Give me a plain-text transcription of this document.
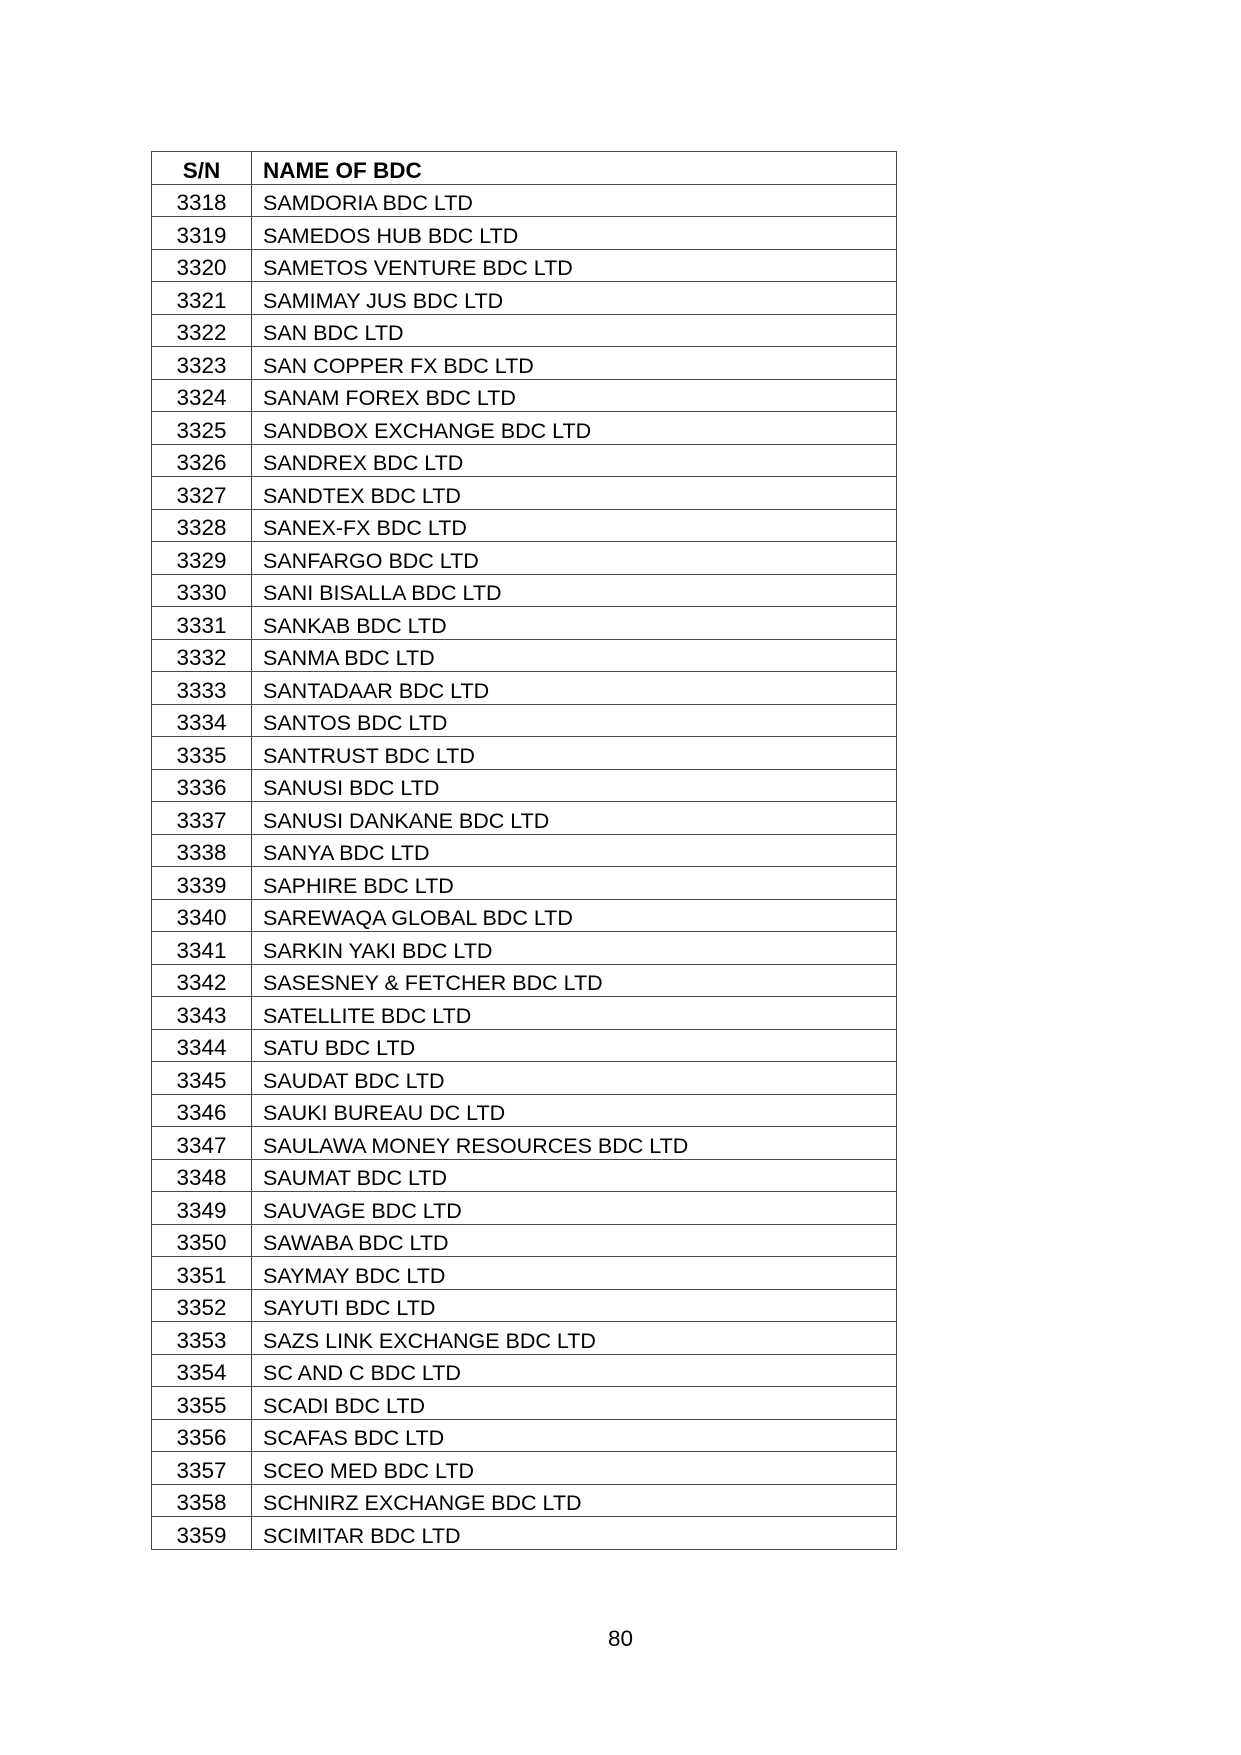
S/N	NAME OF BDC
3318	SAMDORIA BDC LTD
3319	SAMEDOS HUB BDC LTD
3320	SAMETOS VENTURE BDC LTD
3321	SAMIMAY JUS BDC LTD
3322	SAN BDC LTD
3323	SAN COPPER FX BDC LTD
3324	SANAM FOREX BDC LTD
3325	SANDBOX EXCHANGE BDC LTD
3326	SANDREX BDC LTD
3327	SANDTEX BDC LTD
3328	SANEX-FX BDC LTD
3329	SANFARGO BDC LTD
3330	SANI BISALLA BDC LTD
3331	SANKAB BDC LTD
3332	SANMA BDC LTD
3333	SANTADAAR BDC LTD
3334	SANTOS BDC LTD
3335	SANTRUST BDC LTD
3336	SANUSI BDC LTD
3337	SANUSI DANKANE BDC LTD
3338	SANYA BDC LTD
3339	SAPHIRE BDC LTD
3340	SAREWAQA GLOBAL BDC LTD
3341	SARKIN YAKI BDC LTD
3342	SASESNEY & FETCHER BDC LTD
3343	SATELLITE BDC LTD
3344	SATU BDC LTD
3345	SAUDAT BDC LTD
3346	SAUKI BUREAU DC LTD
3347	SAULAWA MONEY RESOURCES BDC LTD
3348	SAUMAT BDC LTD
3349	SAUVAGE BDC LTD
3350	SAWABA BDC LTD
3351	SAYMAY BDC LTD
3352	SAYUTI BDC LTD
3353	SAZS LINK EXCHANGE BDC LTD
3354	SC AND C BDC LTD
3355	SCADI BDC LTD
3356	SCAFAS BDC LTD
3357	SCEO MED BDC LTD
3358	SCHNIRZ EXCHANGE BDC LTD
3359	SCIMITAR BDC LTD
80
